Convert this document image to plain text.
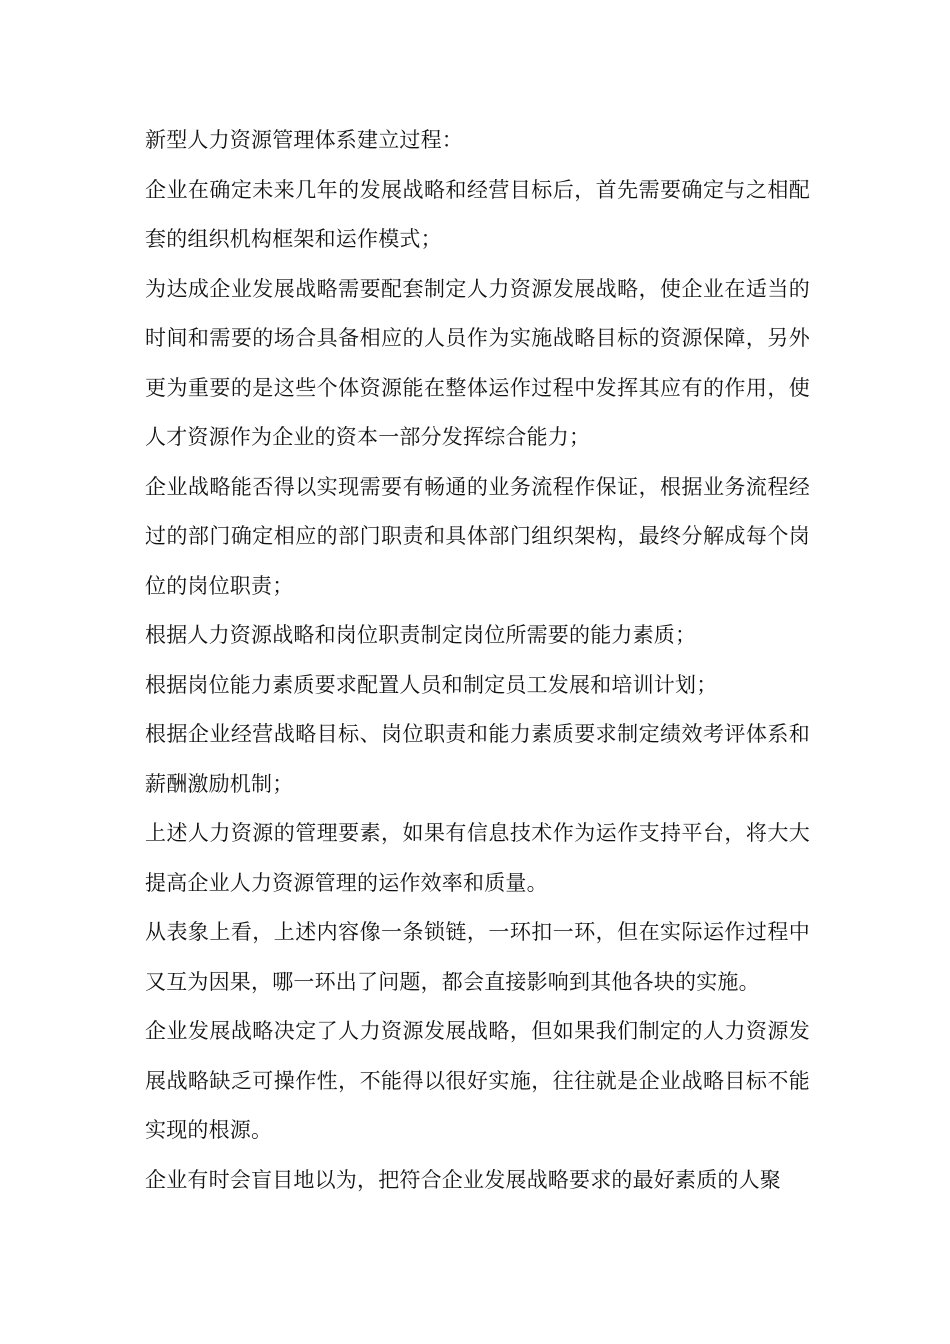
新型人力资源管理体系建立过程：

企业在确定未来几年的发展战略和经营目标后，首先需要确定与之相配套的组织机构框架和运作模式；

为达成企业发展战略需要配套制定人力资源发展战略，使企业在适当的时间和需要的场合具备相应的人员作为实施战略目标的资源保障，另外更为重要的是这些个体资源能在整体运作过程中发挥其应有的作用，使人才资源作为企业的资本一部分发挥综合能力；

企业战略能否得以实现需要有畅通的业务流程作保证，根据业务流程经过的部门确定相应的部门职责和具体部门组织架构，最终分解成每个岗位的岗位职责；

根据人力资源战略和岗位职责制定岗位所需要的能力素质；

根据岗位能力素质要求配置人员和制定员工发展和培训计划；

根据企业经营战略目标、岗位职责和能力素质要求制定绩效考评体系和薪酬激励机制；

上述人力资源的管理要素，如果有信息技术作为运作支持平台，将大大提高企业人力资源管理的运作效率和质量。

从表象上看，上述内容像一条锁链，一环扣一环，但在实际运作过程中又互为因果，哪一环出了问题，都会直接影响到其他各块的实施。

企业发展战略决定了人力资源发展战略，但如果我们制定的人力资源发展战略缺乏可操作性，不能得以很好实施，往往就是企业战略目标不能实现的根源。

企业有时会盲目地以为，把符合企业发展战略要求的最好素质的人聚
